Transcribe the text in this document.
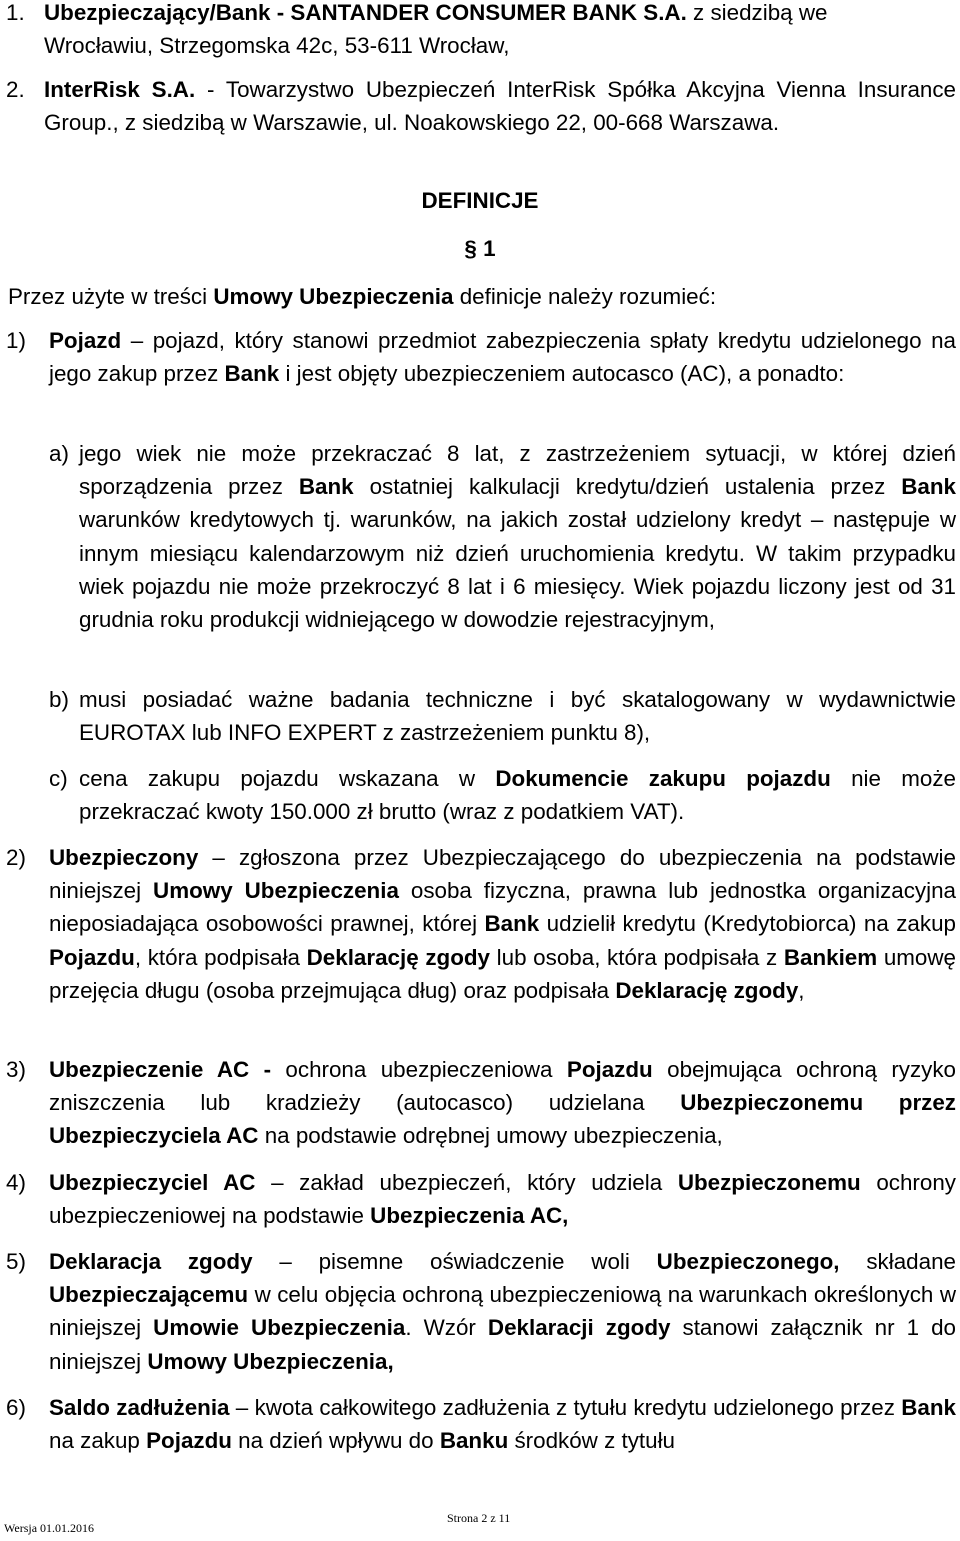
1. Ubezpieczający/Bank - SANTANDER CONSUMER BANK S.A. z siedzibą we
Wrocławiu, Strzegomska 42c, 53-611 Wrocław,

2. InterRisk S.A. - Towarzystwo Ubezpieczeń InterRisk Spółka Akcyjna Vienna Insurance Group., z siedzibą w Warszawie, ul. Noakowskiego 22, 00-668 Warszawa.

DEFINICJE
§ 1

Przez użyte w treści Umowy Ubezpieczenia definicje należy rozumieć:

1) Pojazd – pojazd, który stanowi przedmiot zabezpieczenia spłaty kredytu udzielonego na jego zakup przez Bank i jest objęty ubezpieczeniem autocasco (AC), a ponadto:

a) jego wiek nie może przekraczać 8 lat, z zastrzeżeniem sytuacji, w której dzień sporządzenia przez Bank ostatniej kalkulacji kredytu/dzień ustalenia przez Bank warunków kredytowych tj. warunków, na jakich został udzielony kredyt – następuje w innym miesiącu kalendarzowym niż dzień uruchomienia kredytu. W takim przypadku wiek pojazdu nie może przekroczyć 8 lat i 6 miesięcy. Wiek pojazdu liczony jest od 31 grudnia roku produkcji widniejącego w dowodzie rejestracyjnym,

b) musi posiadać ważne badania techniczne i być skatalogowany w wydawnictwie EUROTAX lub INFO EXPERT z zastrzeżeniem punktu 8),

c) cena zakupu pojazdu wskazana w Dokumencie zakupu pojazdu nie może przekraczać kwoty 150.000 zł brutto (wraz z podatkiem VAT).

2) Ubezpieczony – zgłoszona przez Ubezpieczającego do ubezpieczenia na podstawie niniejszej Umowy Ubezpieczenia osoba fizyczna, prawna lub jednostka organizacyjna nieposiadająca osobowości prawnej, której Bank udzielił kredytu (Kredytobiorca) na zakup Pojazdu, która podpisała Deklarację zgody lub osoba, która podpisała z Bankiem umowę przejęcia długu (osoba przejmująca dług) oraz podpisała Deklarację zgody,

3) Ubezpieczenie AC - ochrona ubezpieczeniowa Pojazdu obejmująca ochroną ryzyko zniszczenia lub kradzieży (autocasco) udzielana Ubezpieczonemu przez Ubezpieczyciela AC na podstawie odrębnej umowy ubezpieczenia,

4) Ubezpieczyciel AC – zakład ubezpieczeń, który udziela Ubezpieczonemu ochrony ubezpieczeniowej na podstawie Ubezpieczenia AC,

5) Deklaracja zgody – pisemne oświadczenie woli Ubezpieczonego, składane Ubezpieczającemu w celu objęcia ochroną ubezpieczeniową na warunkach określonych w niniejszej Umowie Ubezpieczenia. Wzór Deklaracji zgody stanowi załącznik nr 1 do niniejszej Umowy Ubezpieczenia,

6) Saldo zadłużenia – kwota całkowitego zadłużenia z tytułu kredytu udzielonego przez Bank na zakup Pojazdu na dzień wpływu do Banku środków z tytułu

Strona 2 z 11
Wersja 01.01.2016
